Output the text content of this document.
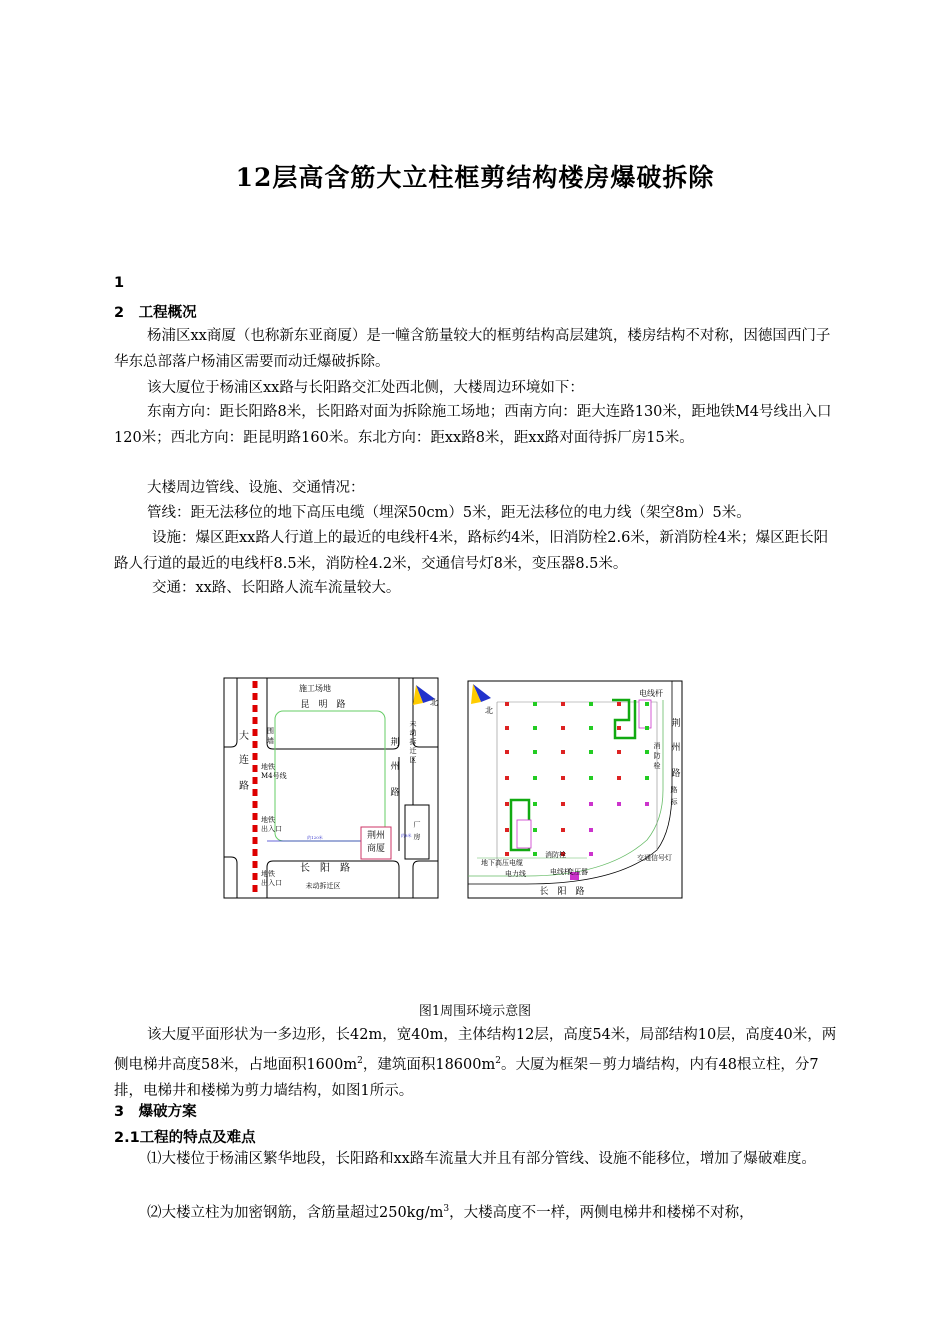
12层高含筋大立柱框剪结构楼房爆破拆除
1
2　工程概况
杨浦区xx商厦（也称新东亚商厦）是一幢含筋量较大的框剪结构高层建筑，楼房结构不对称，因德国西门子华东总部落户杨浦区需要而动迁爆破拆除。
该大厦位于杨浦区xx路与长阳路交汇处西北侧，大楼周边环境如下：
东南方向：距长阳路8米，长阳路对面为拆除施工场地；西南方向：距大连路130米，距地铁M4号线出入口120米；西北方向：距昆明路160米。东北方向：距xx路8米，距xx路对面待拆厂房15米。
大楼周边管线、设施、交通情况：
管线：距无法移位的地下高压电缆（埋深50cm）5米，距无法移位的电力线（架空8m）5米。
设施：爆区距xx路人行道上的最近的电线杆4米，路标约4米，旧消防栓2.6米，新消防栓4米；爆区距长阳路人行道的最近的电线杆8.5米，消防栓4.2米，交通信号灯8米，变压器8.5米。
交通：xx路、长阳路人流车流量较大。
施工场地
昆　明　路	北
大
连
路
围
墙
地铁
M4号线
地铁
出入口
地铁
出入口
荆
州
路
未
动
拆
迁
区
厂
房
荆州
商厦
约120米	约8米
长　阳　路
未动拆迁区
北
电线杆
荆
州
路
消
防
栓
路
标
消防栓
地下高压电缆
电力线	电线杆
变压器
交通信号灯
长　阳　路
图1周围环境示意图
该大厦平面形状为一多边形，长42m，宽40m，主体结构12层，高度54米，局部结构10层，高度40米，两侧电梯井高度58米，占地面积$1600m^2$，建筑面积$18600m^2$。大厦为框架－剪力墙结构，内有48根立柱，分7排，电梯井和楼梯为剪力墙结构，如图1所示。
3　爆破方案
2.1工程的特点及难点
⑴大楼位于杨浦区繁华地段，长阳路和xx路车流量大并且有部分管线、设施不能移位，增加了爆破难度。
⑵大楼立柱为加密钢筋，含筋量超过$250kg/m^3$，大楼高度不一样，两侧电梯井和楼梯不对称，
